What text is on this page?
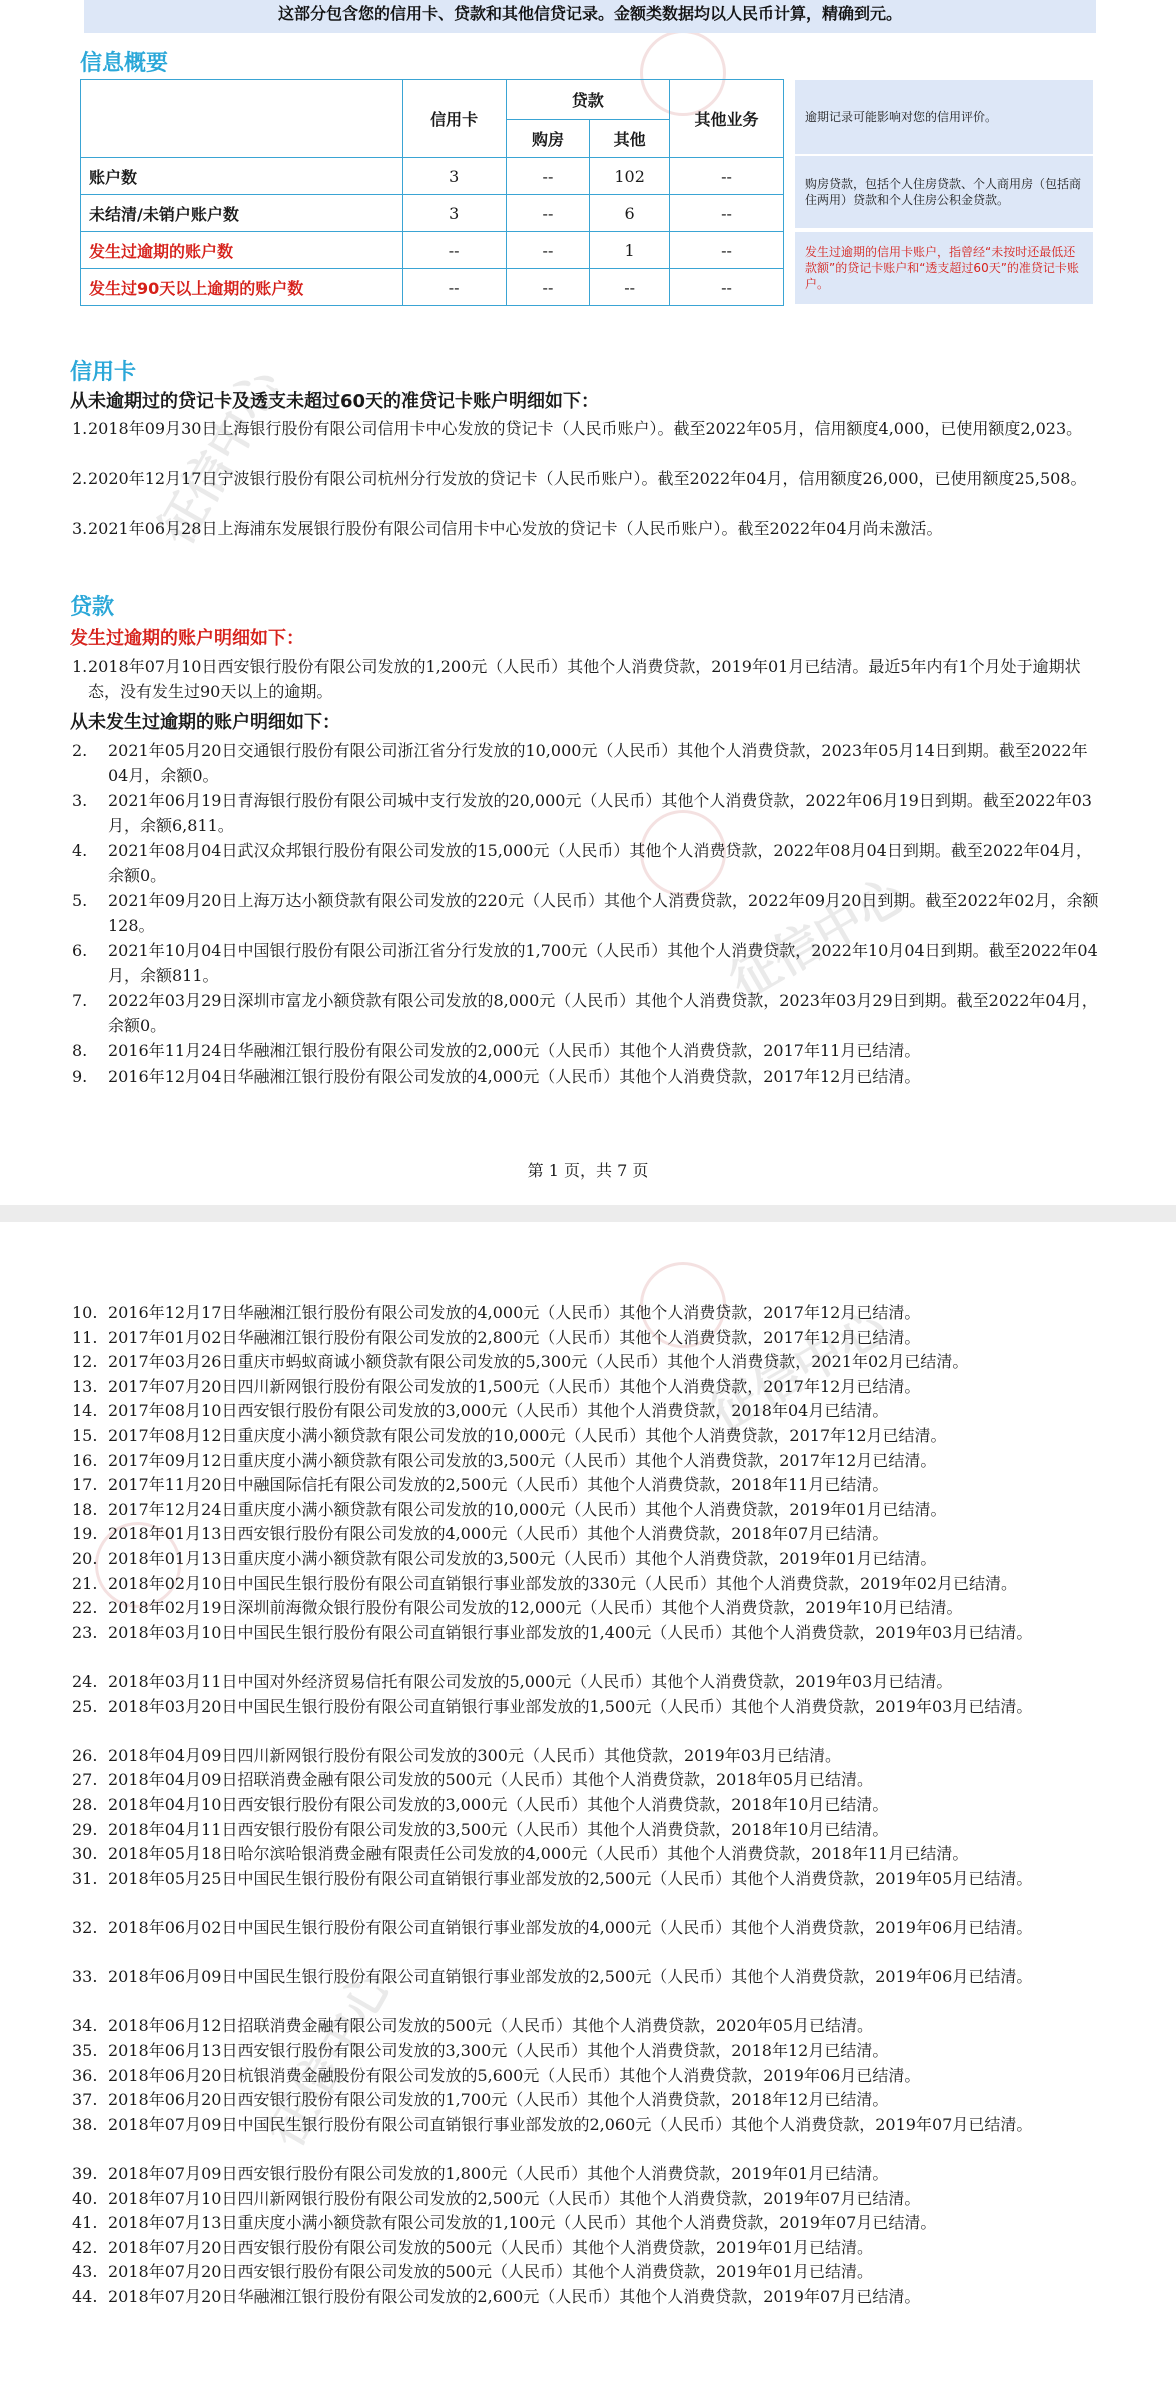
征信中心
征信中心
这部分包含您的信用卡、贷款和其他信贷记录。金额类数据均以人民币计算，精确到元。
信息概要
	信用卡	贷款		其他业务
		购房	其他	
账户数	3	--	102	--
未结清/未销户账户数	3	--	6	--
发生过逾期的账户数	--	--	1	--
发生过90天以上逾期的账户数	--	--	--	--
逾期记录可能影响对您的信用评价。
购房贷款，包括个人住房贷款、个人商用房（包括商住两用）贷款和个人住房公积金贷款。
发生过逾期的信用卡账户，指曾经“未按时还最低还款额”的贷记卡账户和“透支超过60天”的准贷记卡账户。
信用卡
从未逾期过的贷记卡及透支未超过60天的准贷记卡账户明细如下：
1. 2018年09月30日上海银行股份有限公司信用卡中心发放的贷记卡（人民币账户）。截至2022年05月，信用额度4,000，已使用额度2,023。
2. 2020年12月17日宁波银行股份有限公司杭州分行发放的贷记卡（人民币账户）。截至2022年04月，信用额度26,000，已使用额度25,508。
3. 2021年06月28日上海浦东发展银行股份有限公司信用卡中心发放的贷记卡（人民币账户）。截至2022年04月尚未激活。
贷款
发生过逾期的账户明细如下：
1. 2018年07月10日西安银行股份有限公司发放的1,200元（人民币）其他个人消费贷款，2019年01月已结清。最近5年内有1个月处于逾期状态，没有发生过90天以上的逾期。
从未发生过逾期的账户明细如下：
2.	2021年05月20日交通银行股份有限公司浙江省分行发放的10,000元（人民币）其他个人消费贷款，2023年05月14日到期。截至2022年04月，余额0。
3.	2021年06月19日青海银行股份有限公司城中支行发放的20,000元（人民币）其他个人消费贷款，2022年06月19日到期。截至2022年03月，余额6,811。
4.	2021年08月04日武汉众邦银行股份有限公司发放的15,000元（人民币）其他个人消费贷款，2022年08月04日到期。截至2022年04月，余额0。
5.	2021年09月20日上海万达小额贷款有限公司发放的220元（人民币）其他个人消费贷款，2022年09月20日到期。截至2022年02月，余额128。
6.	2021年10月04日中国银行股份有限公司浙江省分行发放的1,700元（人民币）其他个人消费贷款，2022年10月04日到期。截至2022年04月，余额811。
7.	2022年03月29日深圳市富龙小额贷款有限公司发放的8,000元（人民币）其他个人消费贷款，2023年03月29日到期。截至2022年04月，余额0。
8.	2016年11月24日华融湘江银行股份有限公司发放的2,000元（人民币）其他个人消费贷款，2017年11月已结清。
9.	2016年12月04日华融湘江银行股份有限公司发放的4,000元（人民币）其他个人消费贷款，2017年12月已结清。
第 1 页，共 7 页
征信中心
征信中心
10. 2016年12月17日华融湘江银行股份有限公司发放的4,000元（人民币）其他个人消费贷款，2017年12月已结清。
11. 2017年01月02日华融湘江银行股份有限公司发放的2,800元（人民币）其他个人消费贷款，2017年12月已结清。
12. 2017年03月26日重庆市蚂蚁商诚小额贷款有限公司发放的5,300元（人民币）其他个人消费贷款，2021年02月已结清。
13. 2017年07月20日四川新网银行股份有限公司发放的1,500元（人民币）其他个人消费贷款，2017年12月已结清。
14. 2017年08月10日西安银行股份有限公司发放的3,000元（人民币）其他个人消费贷款，2018年04月已结清。
15. 2017年08月12日重庆度小满小额贷款有限公司发放的10,000元（人民币）其他个人消费贷款，2017年12月已结清。
16. 2017年09月12日重庆度小满小额贷款有限公司发放的3,500元（人民币）其他个人消费贷款，2017年12月已结清。
17. 2017年11月20日中融国际信托有限公司发放的2,500元（人民币）其他个人消费贷款，2018年11月已结清。
18. 2017年12月24日重庆度小满小额贷款有限公司发放的10,000元（人民币）其他个人消费贷款，2019年01月已结清。
19. 2018年01月13日西安银行股份有限公司发放的4,000元（人民币）其他个人消费贷款，2018年07月已结清。
20. 2018年01月13日重庆度小满小额贷款有限公司发放的3,500元（人民币）其他个人消费贷款，2019年01月已结清。
21. 2018年02月10日中国民生银行股份有限公司直销银行事业部发放的330元（人民币）其他个人消费贷款，2019年02月已结清。
22. 2018年02月19日深圳前海微众银行股份有限公司发放的12,000元（人民币）其他个人消费贷款，2019年10月已结清。
23. 2018年03月10日中国民生银行股份有限公司直销银行事业部发放的1,400元（人民币）其他个人消费贷款，2019年03月已结清。
24. 2018年03月11日中国对外经济贸易信托有限公司发放的5,000元（人民币）其他个人消费贷款，2019年03月已结清。
25. 2018年03月20日中国民生银行股份有限公司直销银行事业部发放的1,500元（人民币）其他个人消费贷款，2019年03月已结清。
26. 2018年04月09日四川新网银行股份有限公司发放的300元（人民币）其他贷款，2019年03月已结清。
27. 2018年04月09日招联消费金融有限公司发放的500元（人民币）其他个人消费贷款，2018年05月已结清。
28. 2018年04月10日西安银行股份有限公司发放的3,000元（人民币）其他个人消费贷款，2018年10月已结清。
29. 2018年04月11日西安银行股份有限公司发放的3,500元（人民币）其他个人消费贷款，2018年10月已结清。
30. 2018年05月18日哈尔滨哈银消费金融有限责任公司发放的4,000元（人民币）其他个人消费贷款，2018年11月已结清。
31. 2018年05月25日中国民生银行股份有限公司直销银行事业部发放的2,500元（人民币）其他个人消费贷款，2019年05月已结清。
32. 2018年06月02日中国民生银行股份有限公司直销银行事业部发放的4,000元（人民币）其他个人消费贷款，2019年06月已结清。
33. 2018年06月09日中国民生银行股份有限公司直销银行事业部发放的2,500元（人民币）其他个人消费贷款，2019年06月已结清。
34. 2018年06月12日招联消费金融有限公司发放的500元（人民币）其他个人消费贷款，2020年05月已结清。
35. 2018年06月13日西安银行股份有限公司发放的3,300元（人民币）其他个人消费贷款，2018年12月已结清。
36. 2018年06月20日杭银消费金融股份有限公司发放的5,600元（人民币）其他个人消费贷款，2019年06月已结清。
37. 2018年06月20日西安银行股份有限公司发放的1,700元（人民币）其他个人消费贷款，2018年12月已结清。
38. 2018年07月09日中国民生银行股份有限公司直销银行事业部发放的2,060元（人民币）其他个人消费贷款，2019年07月已结清。
39. 2018年07月09日西安银行股份有限公司发放的1,800元（人民币）其他个人消费贷款，2019年01月已结清。
40. 2018年07月10日四川新网银行股份有限公司发放的2,500元（人民币）其他个人消费贷款，2019年07月已结清。
41. 2018年07月13日重庆度小满小额贷款有限公司发放的1,100元（人民币）其他个人消费贷款，2019年07月已结清。
42. 2018年07月20日西安银行股份有限公司发放的500元（人民币）其他个人消费贷款，2019年01月已结清。
43. 2018年07月20日西安银行股份有限公司发放的500元（人民币）其他个人消费贷款，2019年01月已结清。
44. 2018年07月20日华融湘江银行股份有限公司发放的2,600元（人民币）其他个人消费贷款，2019年07月已结清。
